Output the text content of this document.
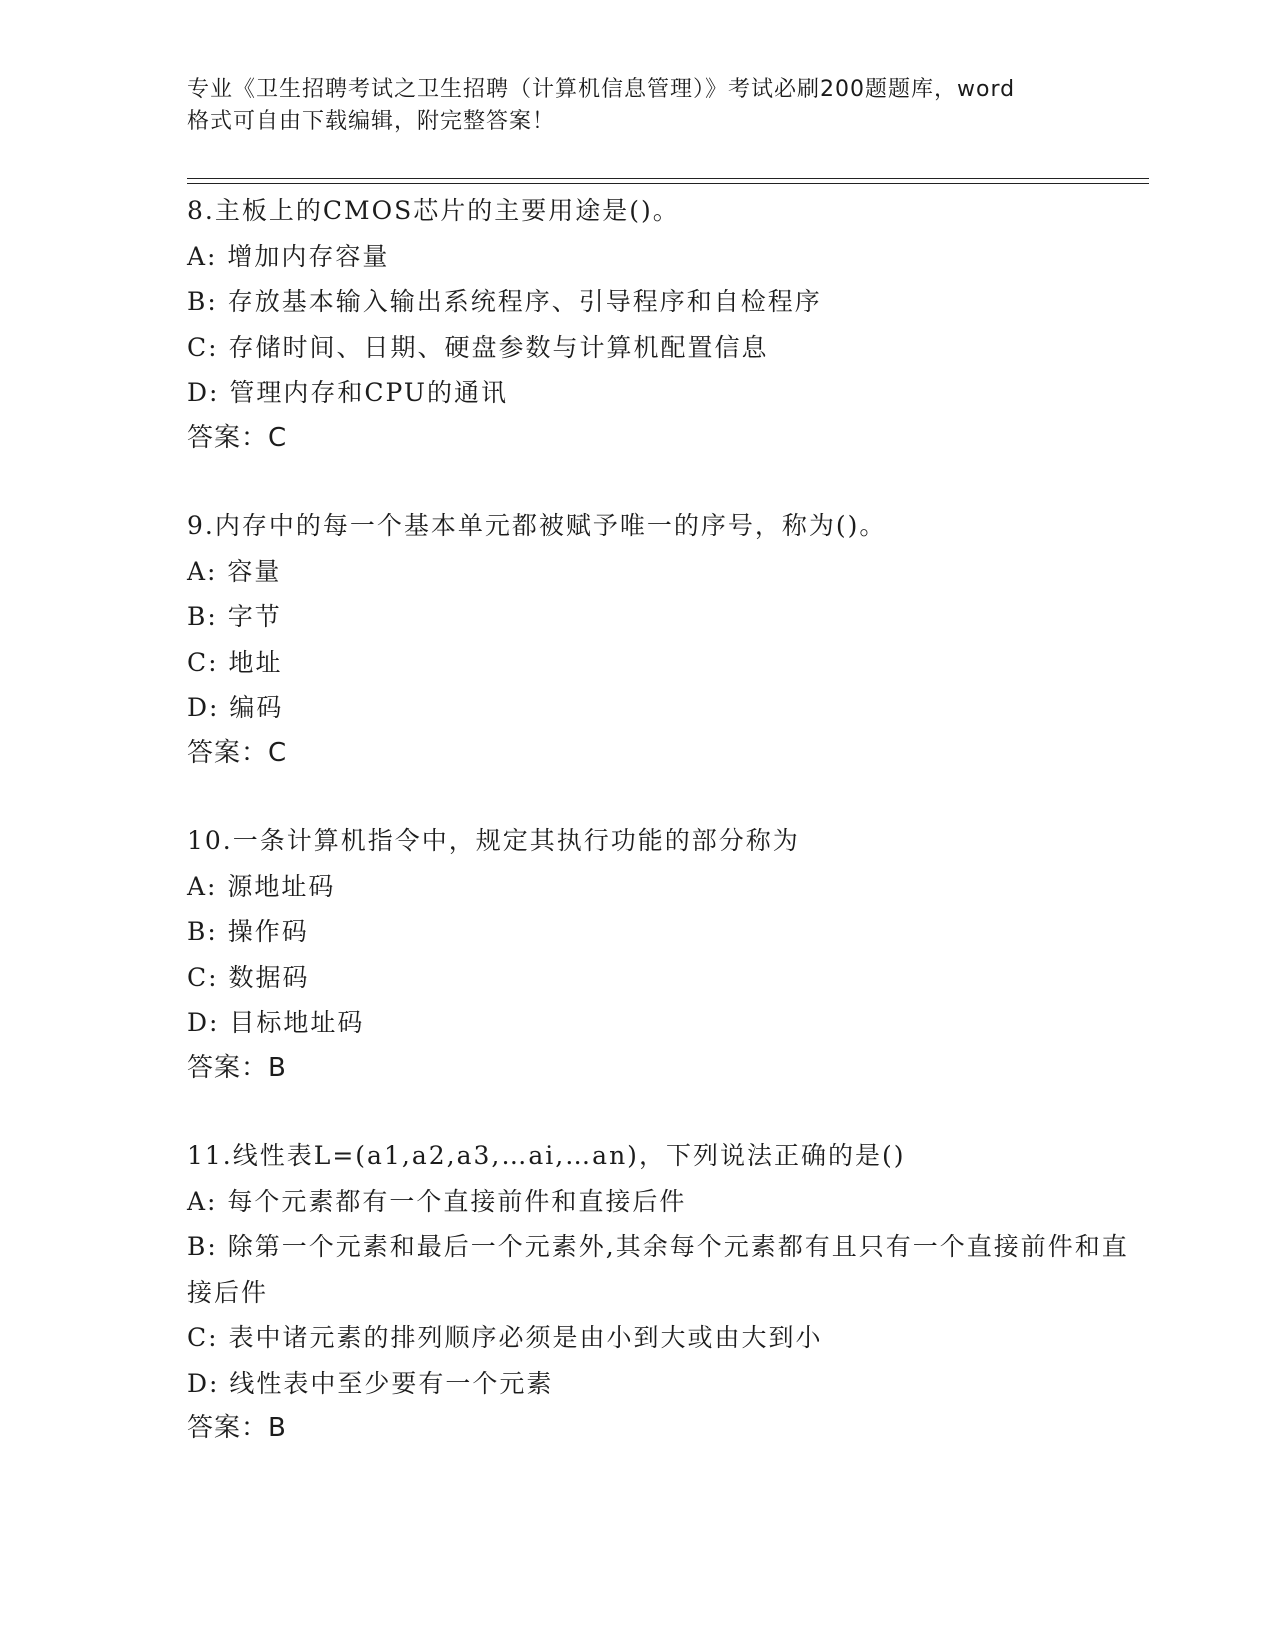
专业《卫生招聘考试之卫生招聘（计算机信息管理）》考试必刷200题题库，word
格式可自由下载编辑，附完整答案！
8.主板上的CMOS芯片的主要用途是()。
A: 增加内存容量
B: 存放基本输入输出系统程序、引导程序和自检程序
C: 存储时间、日期、硬盘参数与计算机配置信息
D: 管理内存和CPU的通讯
答案：C
9.内存中的每一个基本单元都被赋予唯一的序号，称为()。
A: 容量
B: 字节
C: 地址
D: 编码
答案：C
10.一条计算机指令中，规定其执行功能的部分称为
A: 源地址码
B: 操作码
C: 数据码
D: 目标地址码
答案：B
11.线性表L=(a1,a2,a3,…ai,…an)，下列说法正确的是()
A: 每个元素都有一个直接前件和直接后件
B: 除第一个元素和最后一个元素外,其余每个元素都有且只有一个直接前件和直接后件
C: 表中诸元素的排列顺序必须是由小到大或由大到小
D: 线性表中至少要有一个元素
答案：B
